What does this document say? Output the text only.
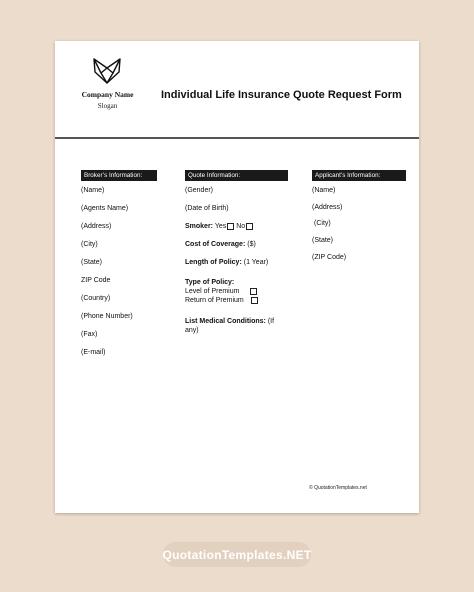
Company Name
Slogan
Individual Life Insurance Quote Request Form
Broker’s Information:
(Name)
(Agents Name)
(Address)
(City)
(State)
ZIP Code
(Country)
(Phone Number)
(Fax)
(E-mail)
Quote Information:
(Gender)
(Date of Birth)
Smoker: Yes No
Cost of Coverage: ($)
Length of Policy: (1 Year)
Type of Policy:
Level of Premium
Return of Premium
List Medical Conditions: (If any)
Applicant’s Information:
(Name)
(Address)
(City)
(State)
(ZIP Code)
© QuotationTemplates.net
QuotationTemplates.NET
